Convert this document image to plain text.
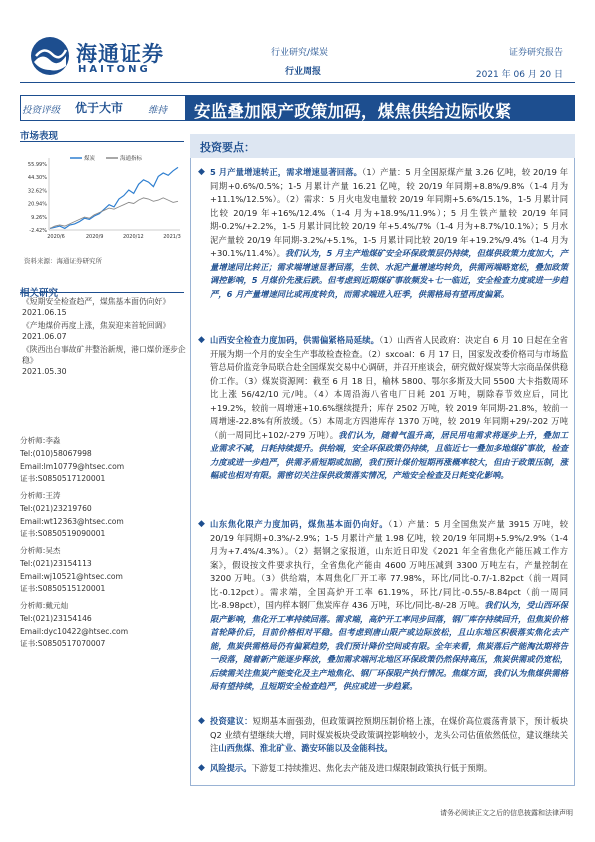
海通证券
HAITONG
行业研究/煤炭
行业周报
证券研究报告
2021 年 06 月 20 日
投资评级 优于大市	维持 安监叠加限产政策加码，煤焦供给边际收紧
市场表现
55.99%
44.30%
32.62%
20.94%
9.26%
-2.42%
2020/6	2020/9	2020/12	2021/3
煤炭	海通指标
资料来源：海通证券研究所
相关研究
《短期安全检查趋严，煤焦基本面仍向好》
2021.06.15
《产地煤价再度上涨，焦炭迎来首轮回调》
2021.06.07
《陕西出台事故矿井整治新规，港口煤价逐步企稳》
2021.05.30
分析师:李淼
Tel:(010)58067998
Email:lm10779@htsec.com
证书:S0850517120001
分析师:王涛
Tel:(021)23219760
Email:wt12363@htsec.com
证书:S0850519090001
分析师:吴杰
Tel:(021)23154113
Email:wj10521@htsec.com
证书:S0850515120001
分析师:戴元灿
Tel:(021)23154146
Email:dyc10422@htsec.com
证书:S0850517070007
投资要点：
◆ 5 月产量增速转正，需求增速显著回落。（1）产量：5 月全国原煤产量 3.26 亿吨，较 20/19 年同期+0.6%/0.5%；1-5 月累计产量 16.21 亿吨，较 20/19 年同期+8.8%/9.8%（1-4 月为+11.1%/12.5%）。（2）需求：5 月火电发电量较 20/19 年同期+5.6%/15.1%，1-5 月累计同比较 20/19 年+16%/12.4%（1-4 月为+18.9%/11.9%）；5 月生铁产量较 20/19 年同期-0.2%/+2.2%，1-5 月累计同比较 20/19 年+5.4%/7%（1-4 月为+8.7%/10.1%）；5 月水泥产量较 20/19 年同期-3.2%/+5.1%，1-5 月累计同比较 20/19 年+19.2%/9.4%（1-4 月为+30.1%/11.4%）。我们认为，5 月主产地煤矿安全环保政策层仍持续，但煤供政策力度加大，产量增速同比转正；需求端增速显著回落，生铁、水泥产量增速均转负，供需两端略宽松，叠加政策调控影响，5 月煤价先涨后跌。但考虑到近期煤矿事故频发+七一临近，安全检查力度或进一步趋严，6 月产量增速同比或再度转负，而需求端进入旺季，供需格局有望再度偏紧。
◆ 山西安全检查力度加码，供需偏紧格局延续。（1）山西省人民政府：决定自 6 月 10 日起在全省开展为期一个月的安全生产事故检查检查。（2）sxcoal：6 月 17 日，国家发改委价格司与市场监管总局价监竞争局联合赴全国煤炭交易中心调研，并召开座谈会，研究做好煤炭等大宗商品保供稳价工作。（3）煤炭资源网：截至 6 月 18 日，榆林 5800、鄂尔多斯及大同 5500 大卡指数周环比上涨 56/42/10 元/吨。（4）本周沿海八省电厂日耗 201 万吨，剔除春节效应后，同比+19.2%，较前一周增速+10.6%继续提升；库存 2502 万吨，较 2019 年同期-21.8%，较前一周增速-22.8%有所放缓。（5）本周北方四港库存 1370 万吨，较 2019 年同期+29/-202 万吨（前一周同比+102/-279 万吨）。我们认为，随着气温升高，居民用电需求将逐步上升，叠加工业需求不减，日耗持续提升。供给端，安全环保政策仍持续，且临近七一叠加多地煤矿事故，检查力度或进一步趋严，供需矛盾短期或加剧，我们预计煤价短期再涨概率较大，但由于政策压制，涨幅或也相对有限。需密切关注保供政策落实情况，产地安全检查及日耗变化影响。
◆ 山东焦化限产力度加码，煤焦基本面仍向好。（1）产量：5 月全国焦炭产量 3915 万吨，较 20/19 年同期+0.3%/-2.9%；1-5 月累计产量 1.98 亿吨，较 20/19 年同期+5.9%/2.9%（1-4 月为+7.4%/4.3%）。（2）据钢之家报道，山东近日印发《2021 年全省焦化产能压减工作方案》，假设按文件要求执行，全省焦化产能由 4600 万吨压减到 3300 万吨左右，产量控制在 3200 万吨。（3）供给端，本周焦化厂开工率 77.98%，环比/同比-0.7/-1.82pct（前一周同比-0.12pct）。需求端，全国高炉开工率 61.19%，环比/同比-0.55/-8.84pct（前一周同比-8.98pct），国内样本钢厂焦炭库存 436 万吨，环比/同比-8/-28 万吨。我们认为，受山西环保限产影响，焦化开工率持续回落。需求端，高炉开工率同步回落，钢厂库存持续回升，但焦炭价格首轮降价后，目前价格相对平稳。但考虑到唐山限产或边际放松，且山东地区积极落实焦化去产能，焦炭供需格局仍有偏紧趋势，我们预计降价空间或有限。全年来看，焦炭落后产能淘汰期将告一段落，随着新产能逐步释放，叠加需求端河北地区环保政策仍然保持高压，焦炭供需或仍宽松，后续需关注焦炭产能变化及主产地焦化、钢厂环保限产执行情况。焦煤方面，我们认为焦煤供需格局有望持续，且短期安全检查趋严，供应或进一步趋紧。
◆ 投资建议：短期基本面强劲，但政策调控预期压制价格上涨，在煤价高位震荡背景下，预计板块 Q2 业绩有望继续大增，同时煤炭板块受政策调控影响较小，龙头公司估值依然低位，建议继续关注山西焦煤、淮北矿业、潞安环能以及金能科技。
◆ 风险提示。下游复工持续推迟、焦化去产能及进口煤限制政策执行低于预期。
请务必阅读正文之后的信息披露和法律声明
